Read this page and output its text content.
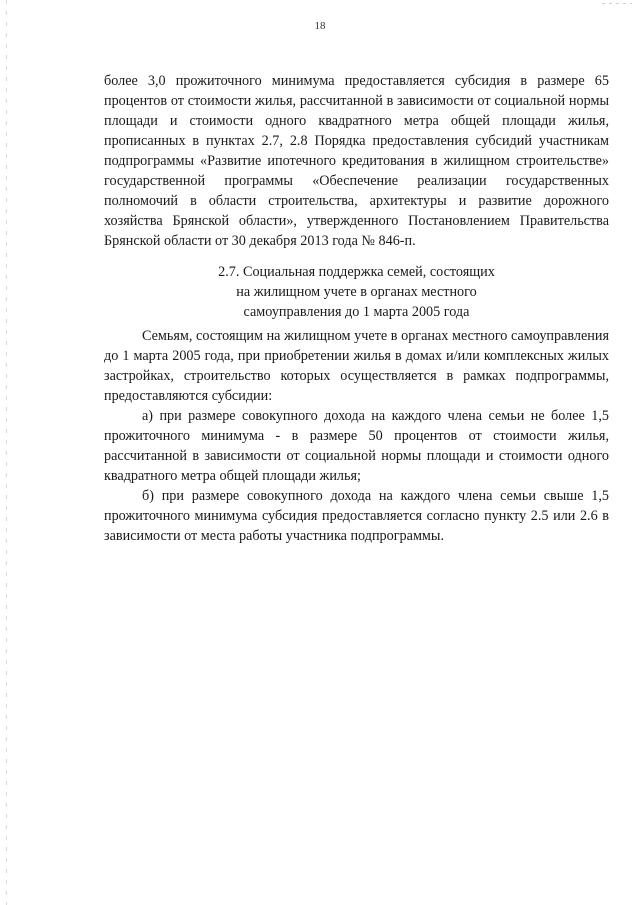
18

более 3,0 прожиточного минимума предоставляется субсидия в размере 65 процентов от стоимости жилья, рассчитанной в зависимости от социальной нормы площади и стоимости одного квадратного метра общей площади жилья, прописанных в пунктах 2.7, 2.8 Порядка предоставления субсидий участникам подпрограммы «Развитие ипотечного кредитования в жилищном строительстве» государственной программы «Обеспечение реализации государственных полномочий в области строительства, архитектуры и развитие дорожного хозяйства Брянской области», утвержденного Постановлением Правительства Брянской области от 30 декабря 2013 года № 846-п.

2.7. Социальная поддержка семей, состоящих
на жилищном учете в органах местного
самоуправления до 1 марта 2005 года

Семьям, состоящим на жилищном учете в органах местного самоуправления до 1 марта 2005 года, при приобретении жилья в домах и/или комплексных жилых застройках, строительство которых осуществляется в рамках подпрограммы, предоставляются субсидии:

а) при размере совокупного дохода на каждого члена семьи не более 1,5 прожиточного минимума - в размере 50 процентов от стоимости жилья, рассчитанной в зависимости от социальной нормы площади и стоимости одного квадратного метра общей площади жилья;

б) при размере совокупного дохода на каждого члена семьи свыше 1,5 прожиточного минимума субсидия предоставляется согласно пункту 2.5 или 2.6 в зависимости от места работы участника подпрограммы.
